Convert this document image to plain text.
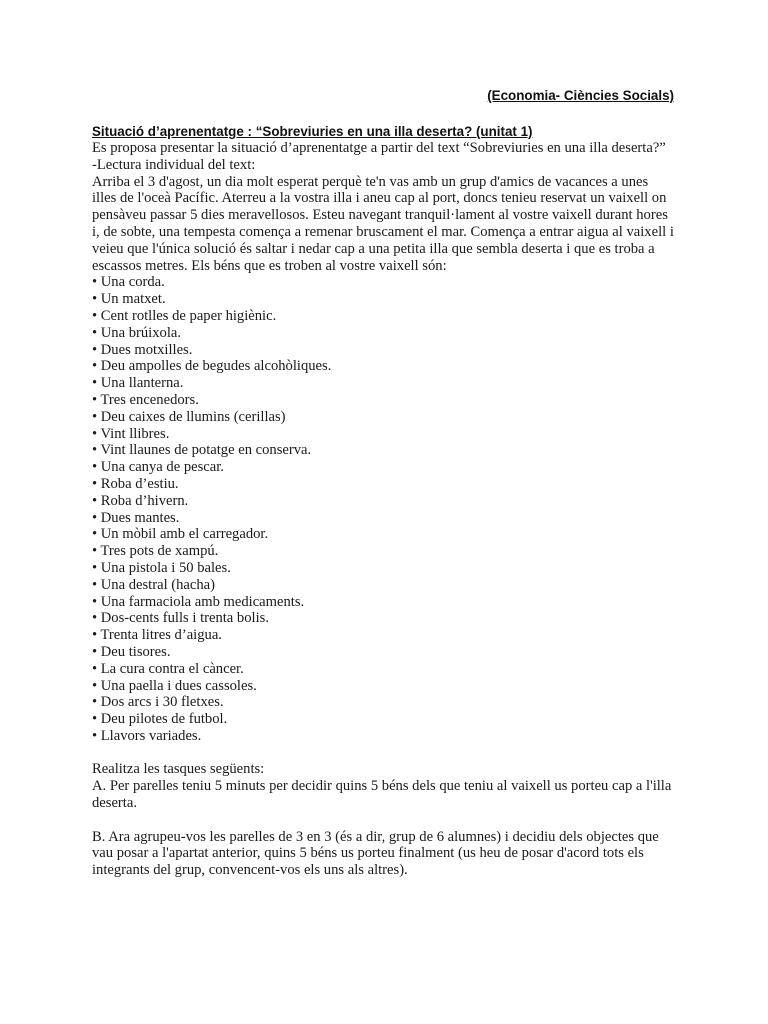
(Economia- Ciències Socials)
Situació d’aprenentatge : “Sobreviuries en una illa deserta? (unitat 1)

Es proposa presentar la situació d’aprenentatge a partir del text “Sobreviuries en una illa deserta?”

-Lectura individual del text:

Arriba el 3 d'agost, un dia molt esperat perquè te'n vas amb un grup d'amics de vacances a unes illes de l'oceà Pacífic. Aterreu a la vostra illa i aneu cap al port, doncs tenieu reservat un vaixell on pensàveu passar 5 dies meravellosos. Esteu navegant tranquil·lament al vostre vaixell durant hores i, de sobte, una tempesta comença a remenar bruscament el mar. Comença a entrar aigua al vaixell i veieu que l'única solució és saltar i nedar cap a una petita illa que sembla deserta i que es troba a escassos metres. Els béns que es troben al vostre vaixell són:

• Una corda.
• Un matxet.
• Cent rotlles de paper higiènic.
• Una brúixola.
• Dues motxilles.
• Deu ampolles de begudes alcohòliques.
• Una llanterna.
• Tres encenedors.
• Deu caixes de llumins (cerillas)
• Vint llibres.
• Vint llaunes de potatge en conserva.
• Una canya de pescar.
• Roba d’estiu.
• Roba d’hivern.
• Dues mantes.
• Un mòbil amb el carregador.
• Tres pots de xampú.
• Una pistola i 50 bales.
• Una destral (hacha)
• Una farmaciola amb medicaments.
• Dos-cents fulls i trenta bolis.
• Trenta litres d’aigua.
• Deu tisores.
• La cura contra el càncer.
• Una paella i dues cassoles.
• Dos arcs i 30 fletxes.
• Deu pilotes de futbol.
• Llavors variades.

Realitza les tasques següents:

A. Per parelles teniu 5 minuts per decidir quins 5 béns dels que teniu al vaixell us porteu cap a l'illa deserta.

B. Ara agrupeu-vos les parelles de 3 en 3 (és a dir, grup de 6 alumnes) i decidiu dels objectes que vau posar a l'apartat anterior, quins 5 béns us porteu finalment (us heu de posar d'acord tots els integrants del grup, convencent-vos els uns als altres).
